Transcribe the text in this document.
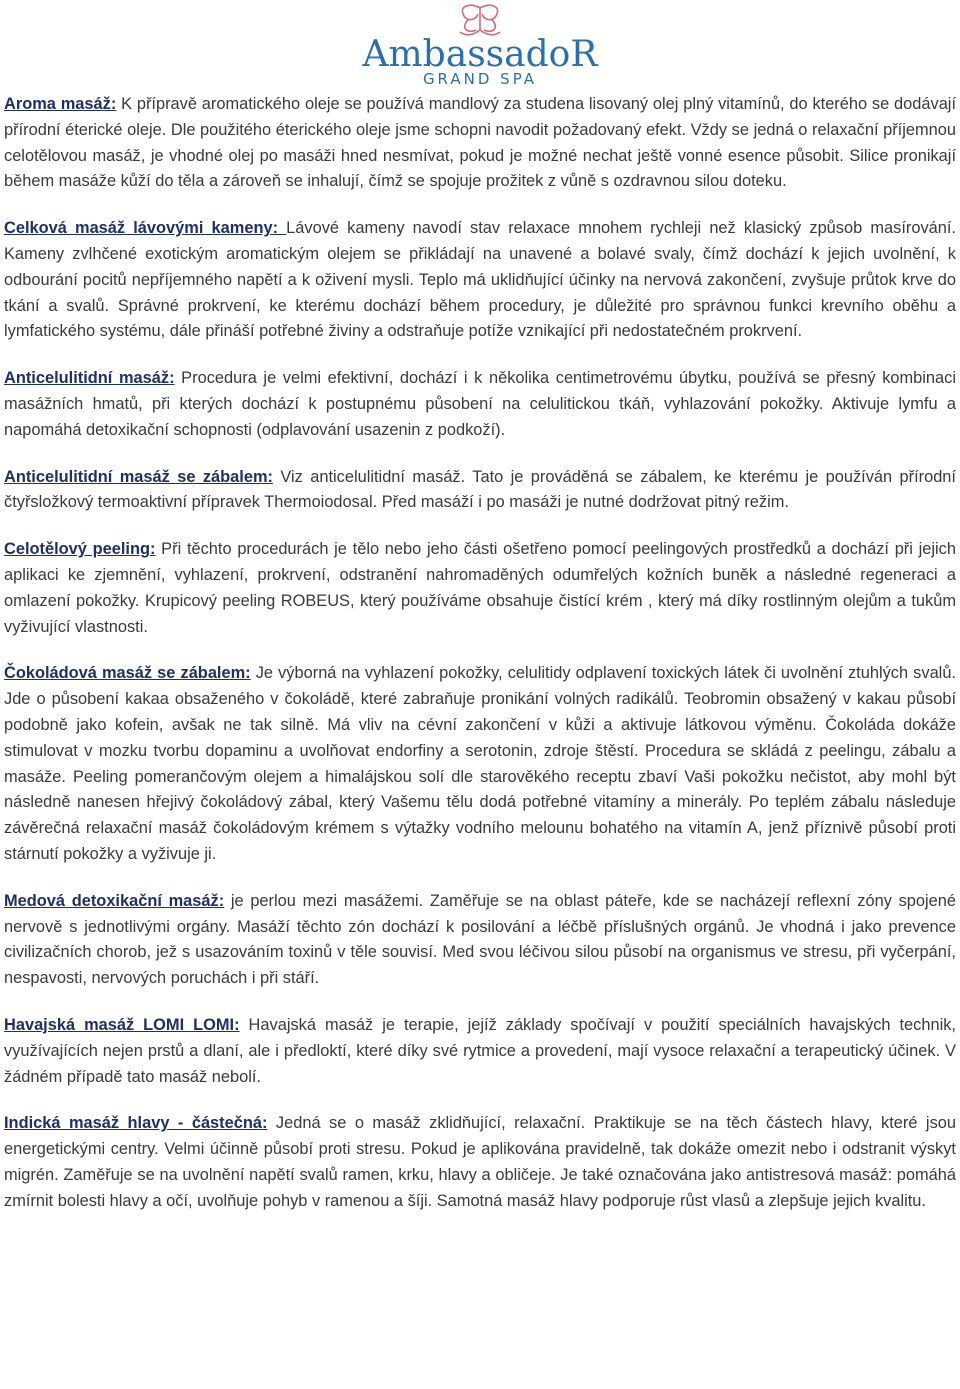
AmbassadoR
GRAND SPA

Aroma masáž: K přípravě aromatického oleje se používá mandlový za studena lisovaný olej plný vitamínů, do kterého se dodávají přírodní éterické oleje. Dle použitého éterického oleje jsme schopni navodit požadovaný efekt. Vždy se jedná o relaxační příjemnou celotělovou masáž, je vhodné olej po masáži hned nesmívat, pokud je možné nechat ještě vonné esence působit. Silice pronikají během masáže kůží do těla a zároveň se inhalují, čímž se spojuje prožitek z vůně s ozdravnou silou doteku.

Celková masáž lávovými kameny: Lávové kameny navodí stav relaxace mnohem rychleji než klasický způsob masírování. Kameny zvlhčené exotickým aromatickým olejem se přikládají na unavené a bolavé svaly, čímž dochází k jejich uvolnění, k odbourání pocitů nepříjemného napětí a k oživení mysli. Teplo má uklidňující účinky na nervová zakončení, zvyšuje průtok krve do tkání a svalů. Správné prokrvení, ke kterému dochází během procedury, je důležité pro správnou funkci krevního oběhu a lymfatického systému, dále přináší potřebné živiny a odstraňuje potíže vznikající při nedostatečném prokrvení.

Anticelulitidní masáž: Procedura je velmi efektivní, dochází i k několika centimetrovému úbytku, používá se přesný kombinaci masážních hmatů, při kterých dochází k postupnému působení na celulitickou tkáň, vyhlazování pokožky. Aktivuje lymfu a napomáhá detoxikační schopnosti (odplavování usazenin z podkoží).

Anticelulitidní masáž se zábalem: Viz anticelulitidní masáž. Tato je prováděná se zábalem, ke kterému je používán přírodní čtyřsložkový termoaktivní přípravek Thermoiodosal. Před masáží i po masáži je nutné dodržovat pitný režim.

Celotělový peeling: Při těchto procedurách je tělo nebo jeho části ošetřeno pomocí peelingových prostředků a dochází při jejich aplikaci ke zjemnění, vyhlazení, prokrvení, odstranění nahromaděných odumřelých kožních buněk a následné regeneraci a omlazení pokožky. Krupicový peeling ROBEUS, který používáme obsahuje čistící krém , který má díky rostlinným olejům a tukům vyživující vlastnosti.

Čokoládová masáž se zábalem: Je výborná na vyhlazení pokožky, celulitidy odplavení toxických látek či uvolnění ztuhlých svalů. Jde o působení kakaa obsaženého v čokoládě, které zabraňuje pronikání volných radikálů. Teobromin obsažený v kakau působí podobně jako kofein, avšak ne tak silně. Má vliv na cévní zakončení v kůži a aktivuje látkovou výměnu. Čokoláda dokáže stimulovat v mozku tvorbu dopaminu a uvolňovat endorfiny a serotonin, zdroje štěstí. Procedura se skládá z peelingu, zábalu a masáže. Peeling pomerančovým olejem a himalájskou solí dle starověkého receptu zbaví Vaši pokožku nečistot, aby mohl být následně nanesen hřejivý čokoládový zábal, který Vašemu tělu dodá potřebné vitamíny a minerály. Po teplém zábalu následuje závěrečná relaxační masáž čokoládovým krémem s výtažky vodního melounu bohatého na vitamín A, jenž příznivě působí proti stárnutí pokožky a vyživuje ji.

Medová detoxikační masáž: je perlou mezi masážemi. Zaměřuje se na oblast páteře, kde se nacházejí reflexní zóny spojené nervově s jednotlivými orgány. Masáží těchto zón dochází k posilování a léčbě příslušných orgánů. Je vhodná i jako prevence civilizačních chorob, jež s usazováním toxinů v těle souvisí. Med svou léčivou silou působí na organismus ve stresu, při vyčerpání, nespavosti, nervových poruchách i při stáří.

Havajská masáž LOMI LOMI: Havajská masáž je terapie, jejíž základy spočívají v použití speciálních havajských technik, využívajících nejen prstů a dlaní, ale i předloktí, které díky své rytmice a provedení, mají vysoce relaxační a terapeutický účinek. V žádném případě tato masáž nebolí.

Indická masáž hlavy - částečná: Jedná se o masáž zklidňující, relaxační. Praktikuje se na těch částech hlavy, které jsou energetickými centry. Velmi účinně působí proti stresu. Pokud je aplikována pravidelně, tak dokáže omezit nebo i odstranit výskyt migrén. Zaměřuje se na uvolnění napětí svalů ramen, krku, hlavy a obličeje. Je také označována jako antistresová masáž: pomáhá zmírnit bolesti hlavy a očí, uvolňuje pohyb v ramenou a šíji. Samotná masáž hlavy podporuje růst vlasů a zlepšuje jejich kvalitu.
